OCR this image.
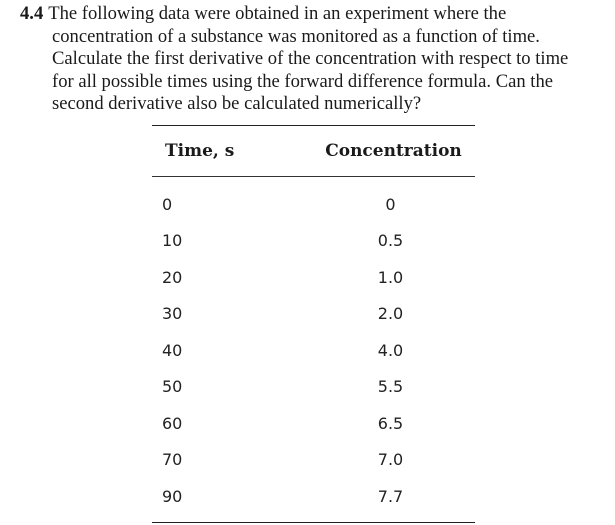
4.4 The following data were obtained in an experiment where the
concentration of a substance was monitored as a function of time.
Calculate the first derivative of the concentration with respect to time
for all possible times using the forward difference formula. Can the
second derivative also be calculated numerically?
Time, s	Concentration
0	0
10	0.5
20	1.0
30	2.0
40	4.0
50	5.5
60	6.5
70	7.0
90	7.7
